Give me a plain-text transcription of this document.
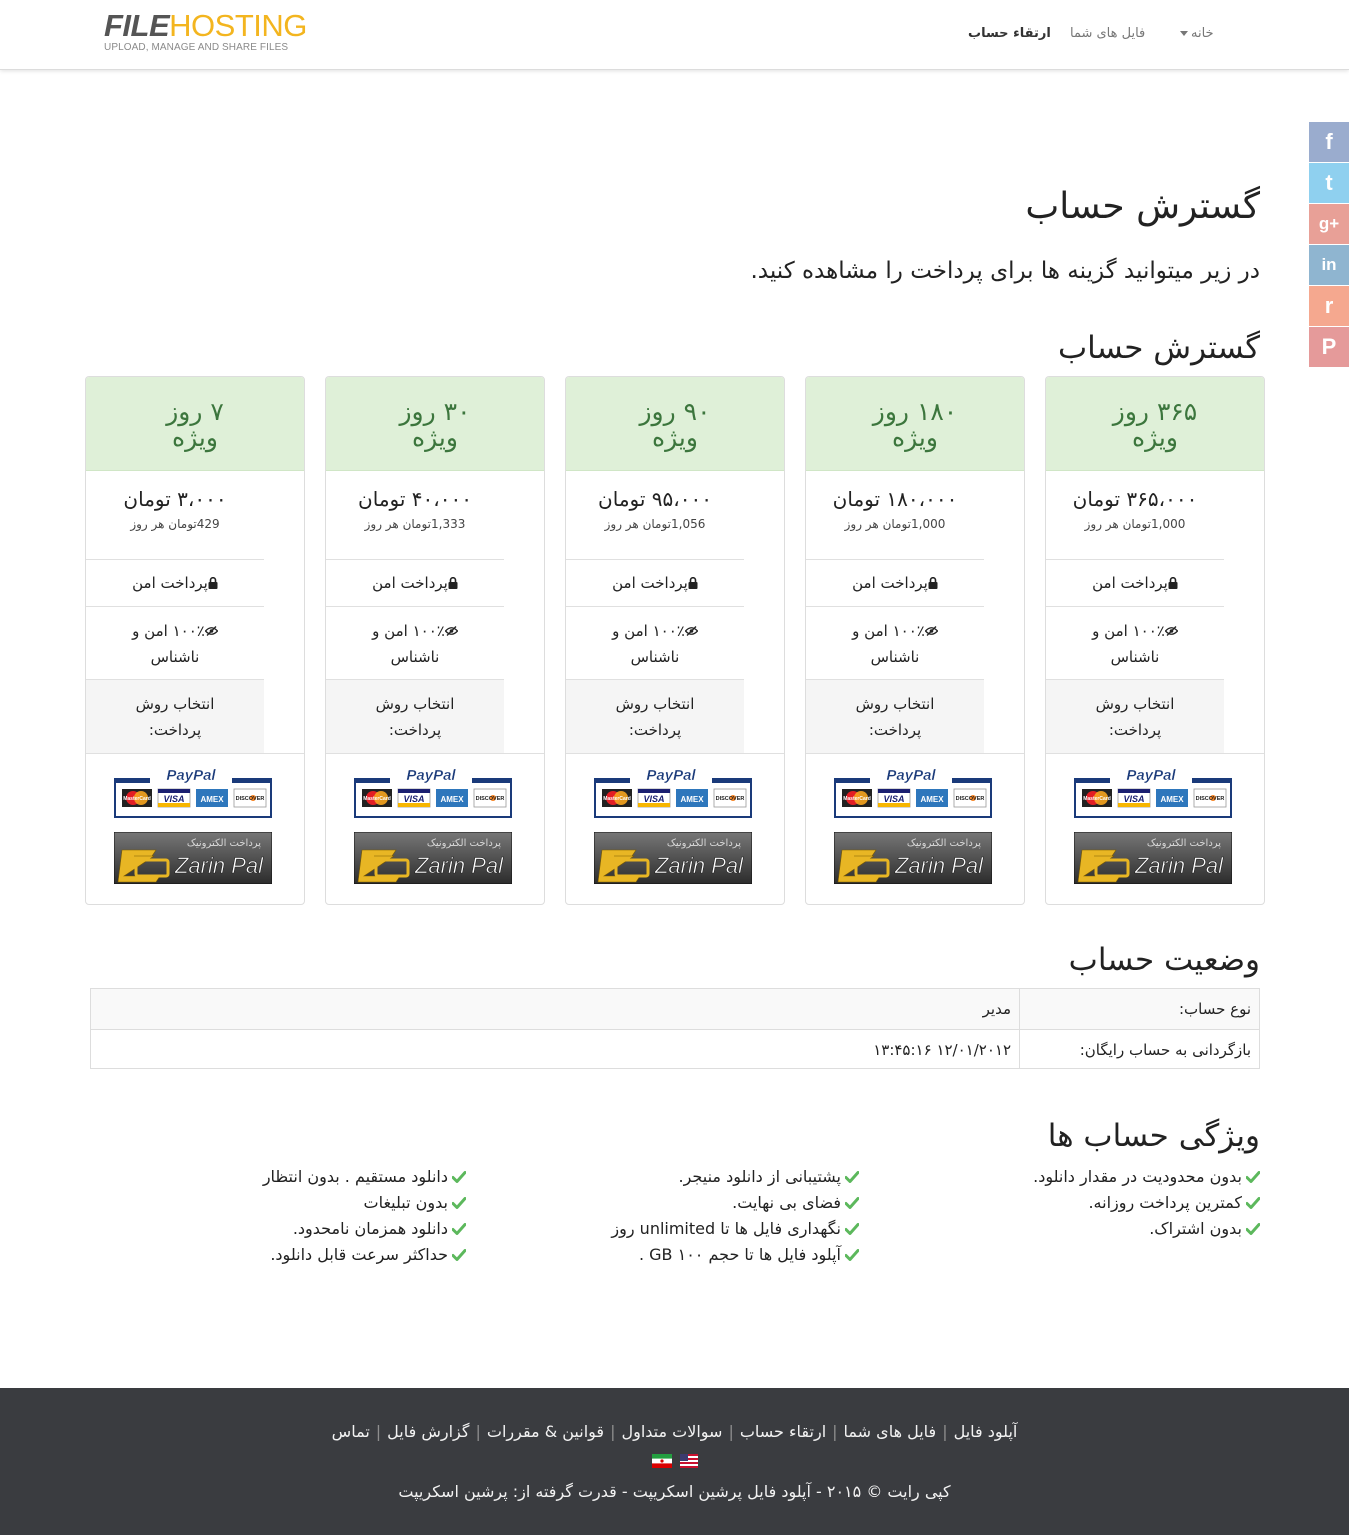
FILEHOSTING
UPLOAD, MANAGE AND SHARE FILES
خانه
فایل های شما
ارتقاء حساب
f
t
g+
in
r
P
گسترش حساب
در زیر میتوانید گزینه ها برای پرداخت را مشاهده کنید.
گسترش حساب
۳۶۵ روز
ویژه
۳۶۵،۰۰۰ تومان
1,000تومان هر روز
پرداخت امن
۱۰۰٪ امن و
ناشناس
انتخاب روش
پرداخت:
PayPal
MasterCard VISA AMEX DISCOVER
پرداخت الکترونیک
Zarin Pal
۱۸۰ روز
ویژه
۱۸۰،۰۰۰ تومان
1,000تومان هر روز
پرداخت امن
۱۰۰٪ امن و
ناشناس
انتخاب روش
پرداخت:
PayPal
MasterCard VISA AMEX DISCOVER
پرداخت الکترونیک
Zarin Pal
۹۰ روز
ویژه
۹۵،۰۰۰ تومان
1,056تومان هر روز
پرداخت امن
۱۰۰٪ امن و
ناشناس
انتخاب روش
پرداخت:
PayPal
MasterCard VISA AMEX DISCOVER
پرداخت الکترونیک
Zarin Pal
۳۰ روز
ویژه
۴۰،۰۰۰ تومان
1,333تومان هر روز
پرداخت امن
۱۰۰٪ امن و
ناشناس
انتخاب روش
پرداخت:
PayPal
MasterCard VISA AMEX DISCOVER
پرداخت الکترونیک
Zarin Pal
۷ روز
ویژه
۳،۰۰۰ تومان
429تومان هر روز
پرداخت امن
۱۰۰٪ امن و
ناشناس
انتخاب روش
پرداخت:
PayPal
MasterCard VISA AMEX DISCOVER
پرداخت الکترونیک
Zarin Pal
وضعیت حساب
نوع حساب:
مدیر
بازگردانی به حساب رایگان:
۱۲/۰۱/۲۰۱۲ ۱۳:۴۵:۱۶
ویژگی حساب ها
بدون محدودیت در مقدار دانلود.
کمترین پرداخت روزانه.
بدون اشتراک.
پشتیبانی از دانلود منیجر.
فضای بی نهایت.
نگهداری فایل ها تا unlimited روز
آپلود فایل ها تا حجم ۱۰۰ GB .
دانلود مستقیم . بدون انتظار
بدون تبلیغات
دانلود همزمان نامحدود.
حداکثر سرعت قابل دانلود.
آپلود فایل|فایل های شما|ارتقاء حساب|سوالات متداول|قوانین & مقررات|گزارش فایل|تماس
کپی رایت © ۲۰۱۵ - آپلود فایل پرشین اسکریپت - قدرت گرفته از: پرشین اسکریپت
